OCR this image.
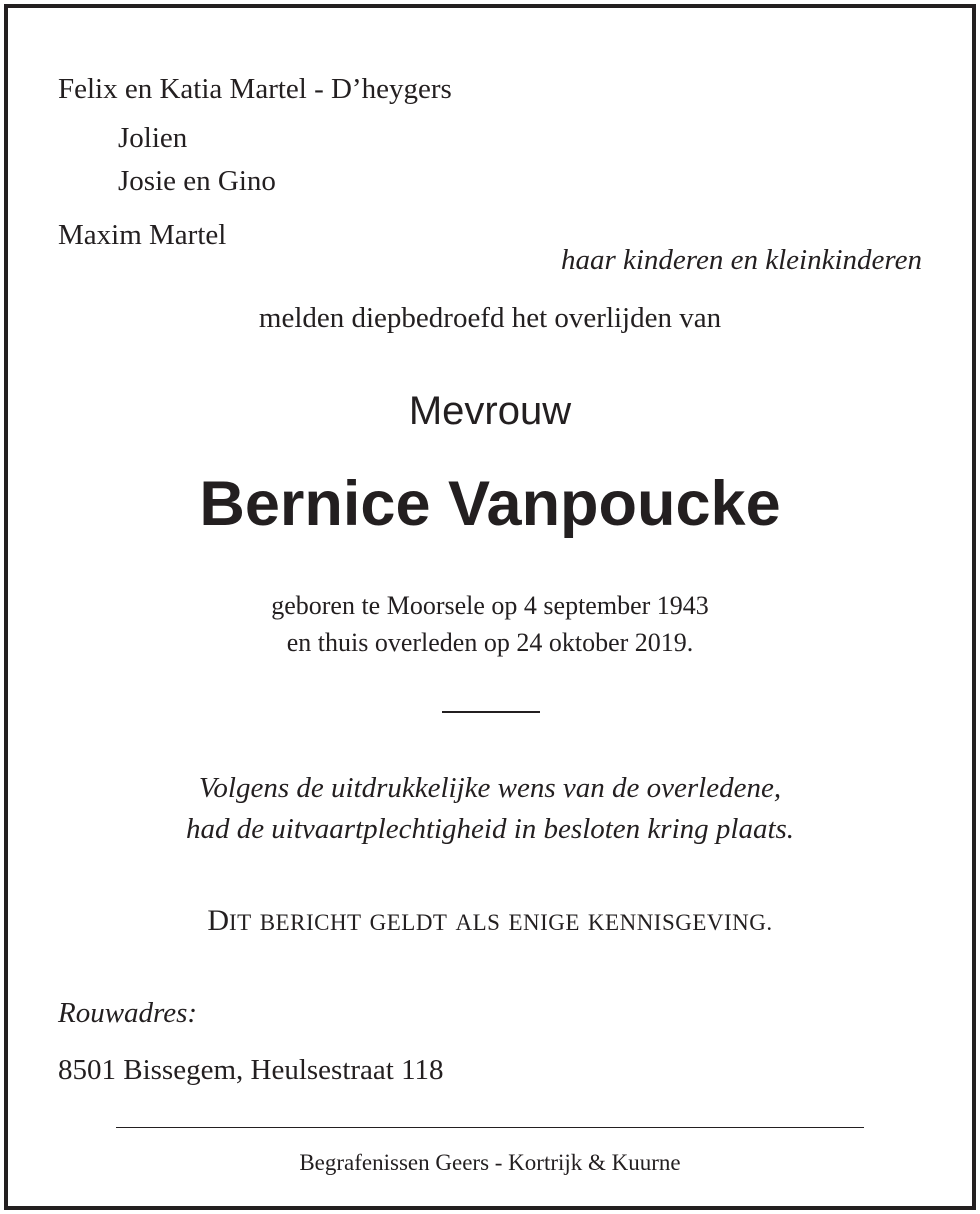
Felix en Katia Martel - D’heygers
Jolien
Josie en Gino
Maxim Martel
haar kinderen en kleinkinderen
melden diepbedroefd het overlijden van
Mevrouw
Bernice Vanpoucke
geboren te Moorsele op 4 september 1943
en thuis overleden op 24 oktober 2019.
Volgens de uitdrukkelijke wens van de overledene,
had de uitvaartplechtigheid in besloten kring plaats.
DIT BERICHT GELDT ALS ENIGE KENNISGEVING.
Rouwadres:
8501 Bissegem, Heulsestraat 118
Begrafenissen Geers - Kortrijk & Kuurne
